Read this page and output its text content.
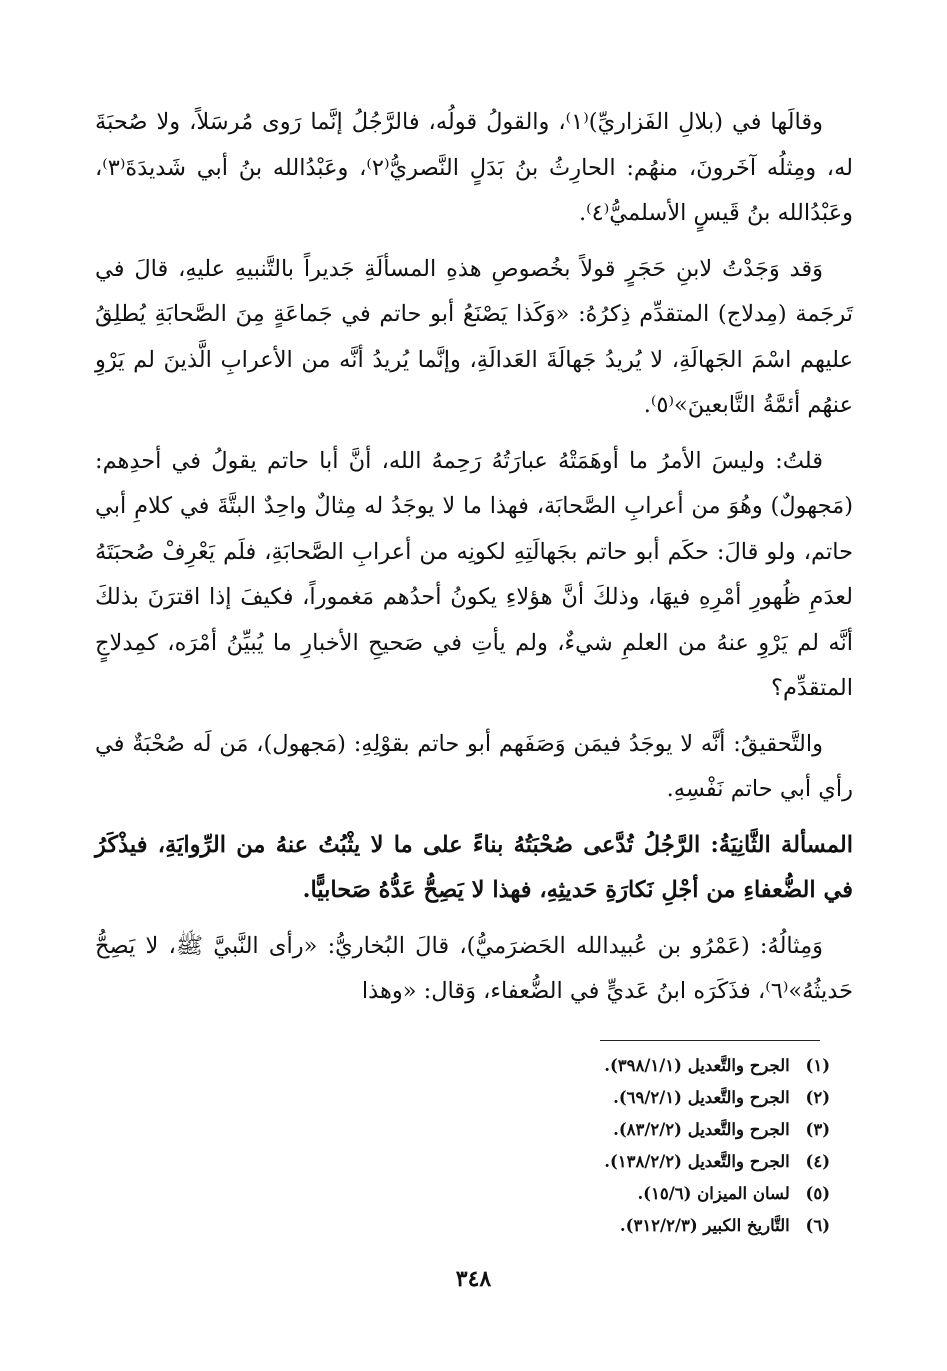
وقالَها في (بلالِ الفَزاريِّ)⁽١⁾، والقولُ قولُه، فالرَّجُلُ إنَّما رَوى مُرسَلاً، ولا صُحبَةَ له، ومِثلُه آخَرونَ، منهُم: الحارِثُ بنُ بَدَلٍ النَّصريُّ⁽٢⁾، وعَبْدُالله بنُ أبي شَديدَةَ⁽٣⁾، وعَبْدُالله بنُ قَيسٍ الأسلميُّ⁽٤⁾.

وَقد وَجَدْتُ لابنِ حَجَرٍ قولاً بخُصوصِ هذهِ المسألَةِ جَديراً بالتَّنبيهِ عليهِ، قالَ في تَرجَمة (مِدلاج) المتقدِّم ذِكرُهُ: «وَكَذا يَصْنَعُ أبو حاتم في جَماعَةٍ مِنَ الصَّحابَةِ يُطلِقُ عليهم اسْمَ الجَهالَةِ، لا يُريدُ جَهالَةَ العَدالَةِ، وإنَّما يُريدُ أنَّه من الأعرابِ الَّذينَ لم يَرْوِ عنهُم أئمَّةُ التَّابعينَ»⁽٥⁾.

قلتُ: وليسَ الأمرُ ما أوهَمَتْهُ عبارَتُهُ رَحِمهُ الله، أنَّ أبا حاتم يقولُ في أحدِهم: (مَجهولٌ) وهُوَ من أعرابِ الصَّحابَة، فهذا ما لا يوجَدُ له مِثالٌ واحِدٌ البتَّةَ في كلامِ أبي حاتم، ولو قالَ: حكَم أبو حاتم بجَهالَتِهِ لكونِه من أعرابِ الصَّحابَةِ، فلَم يَعْرِفْ صُحبَتَهُ لعدَمِ ظُهورِ أمْرِهِ فيهَا، وذلكَ أنَّ هؤلاءِ يكونُ أحدُهم مَغموراً، فكيفَ إذا اقترَنَ بذلكَ أنَّه لم يَرْوِ عنهُ من العلمِ شيءٌ، ولم يأتِ في صَحيحِ الأخبارِ ما يُبيِّنُ أمْرَه، كمِدلاجٍ المتقدِّم؟

والتَّحقيقُ: أنَّه لا يوجَدُ فيمَن وَصَفَهم أبو حاتم بقوْلِهِ: (مَجهول)، مَن لَه صُحْبَةٌ في رأي أبي حاتم نَفْسِهِ.

المسألة الثَّانِيَةُ: الرَّجُلُ تُدَّعى صُحْبَتُهُ بناءً على ما لا يثْبُتُ عنهُ من الرِّوايَةِ، فيذْكَرُ في الضُّعفاءِ من أجْلِ نَكارَةِ حَديثِهِ، فهذا لا يَصِحُّ عَدُّهُ صَحابيًّا.

وَمِثالُهُ: (عَمْرُو بن عُبيدالله الحَضرَميُّ)، قالَ البُخاريُّ: «رأى النَّبيَّ ﷺ، لا يَصِحُّ حَديثُهُ»⁽٦⁾، فذَكَرَه ابنُ عَديٍّ في الضُّعفاء، وَقال: «وهذا

(١) الجرح والتَّعديل (٣٩٨/١/١).
(٢) الجرح والتَّعديل (٦٩/٢/١).
(٣) الجرح والتَّعديل (٨٣/٢/٢).
(٤) الجرح والتَّعديل (١٣٨/٢/٢).
(٥) لسان الميزان (١٥/٦).
(٦) التَّاريخ الكبير (٣١٢/٢/٣).
٣٤٨
